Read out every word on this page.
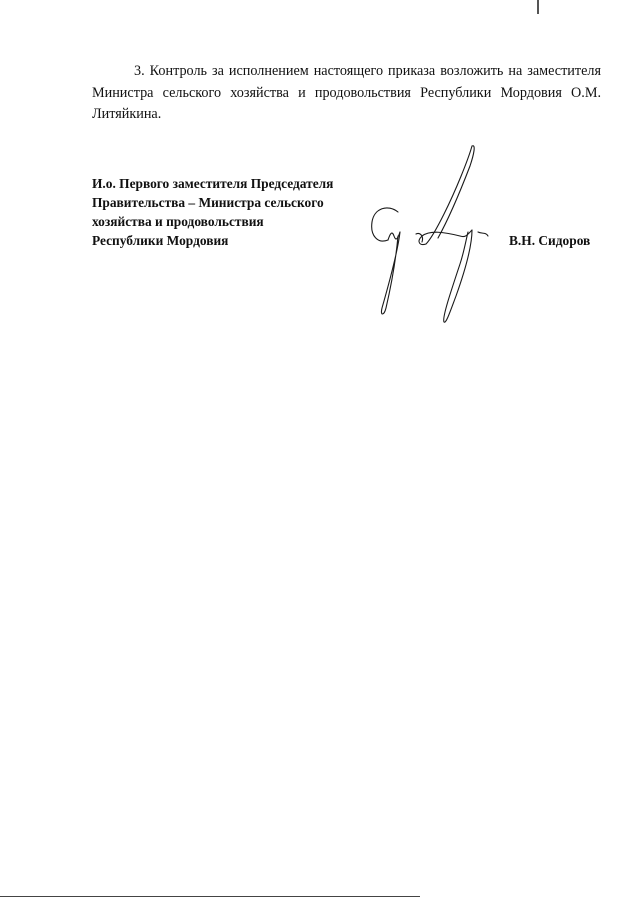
3. Контроль за исполнением настоящего приказа возложить на заместителя Министра сельского хозяйства и продовольствия Республики Мордовия О.М. Литяйкина.

И.о. Первого заместителя Председателя
Правительства – Министра сельского
хозяйства и продовольствия
Республики Мордовия	В.Н. Сидоров
